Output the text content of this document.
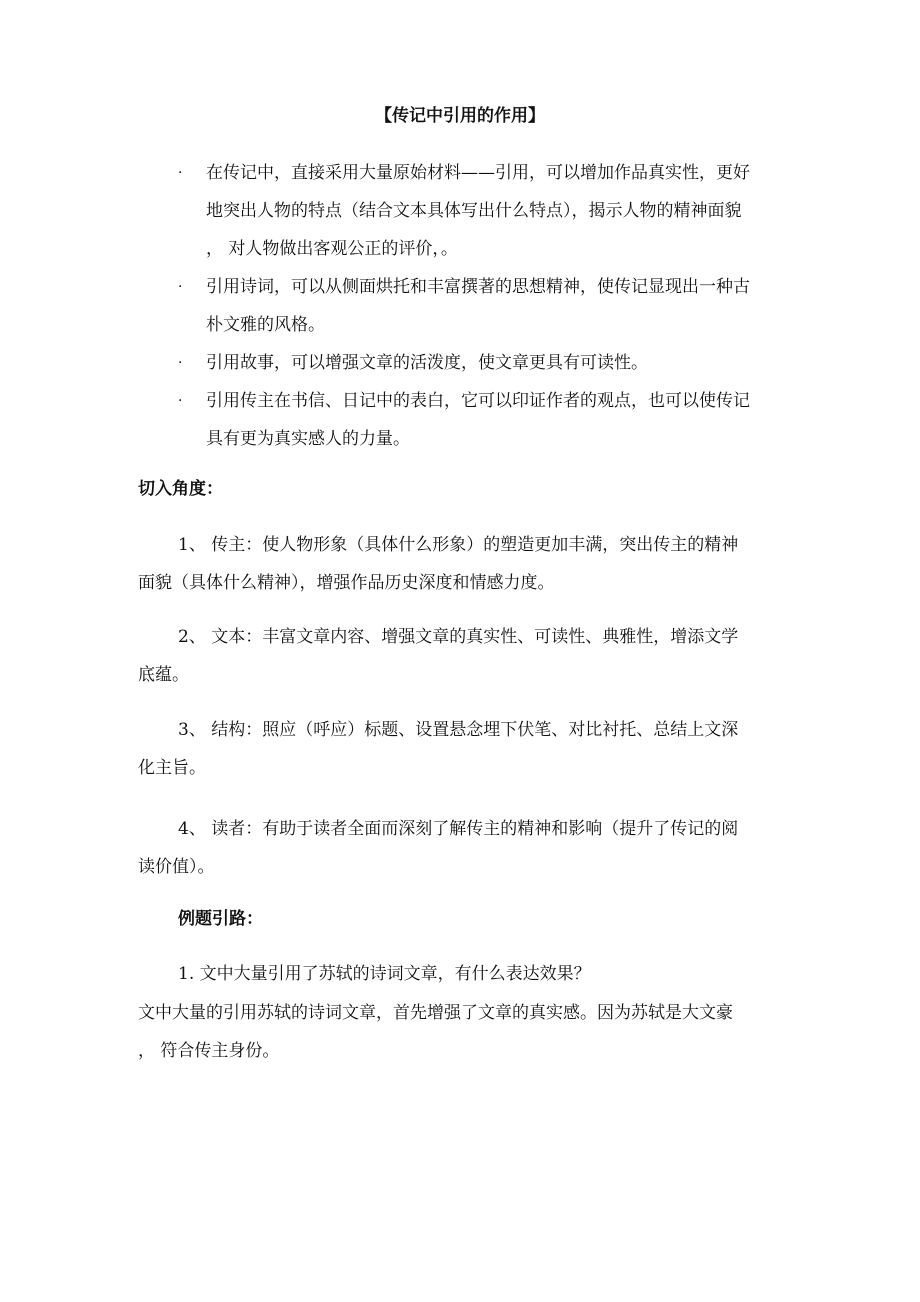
【传记中引用的作用】
· 在传记中，直接采用大量原始材料——引用，可以增加作品真实性，更好
地突出人物的特点（结合文本具体写出什么特点），揭示人物的精神面貌
， 对人物做出客观公正的评价，。
· 引用诗词，可以从侧面烘托和丰富撰著的思想精神，使传记显现出一种古
朴文雅的风格。
· 引用故事，可以增强文章的活泼度，使文章更具有可读性。
· 引用传主在书信、日记中的表白，它可以印证作者的观点，也可以使传记
具有更为真实感人的力量。
切入角度：
1、 传主：使人物形象（具体什么形象）的塑造更加丰满，突出传主的精神
面貌（具体什么精神），增强作品历史深度和情感力度。
2、 文本：丰富文章内容、增强文章的真实性、可读性、典雅性，增添文学
底蕴。
3、 结构：照应（呼应）标题、设置悬念埋下伏笔、对比衬托、总结上文深
化主旨。
4、 读者：有助于读者全面而深刻了解传主的精神和影响（提升了传记的阅
读价值）。
例题引路：
1. 文中大量引用了苏轼的诗词文章，有什么表达效果？
文中大量的引用苏轼的诗词文章，首先增强了文章的真实感。因为苏轼是大文豪
， 符合传主身份。
